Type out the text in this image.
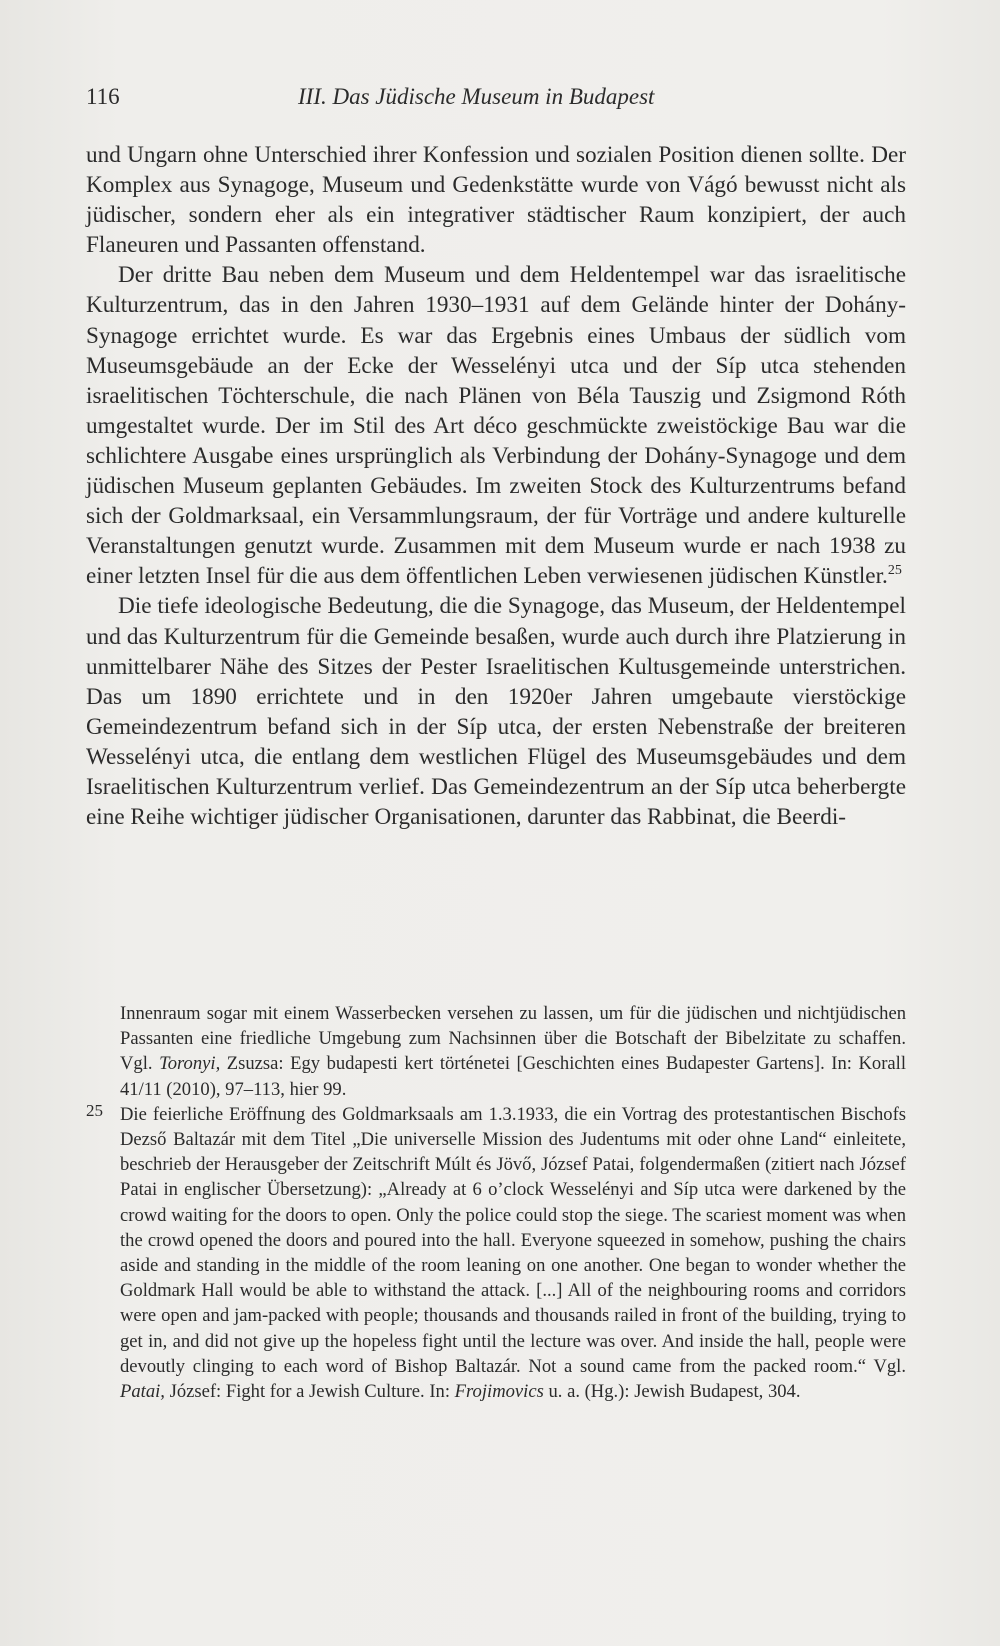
116	III. Das Jüdische Museum in Budapest

und Ungarn ohne Unterschied ihrer Konfession und sozialen Position dienen sollte. Der Komplex aus Synagoge, Museum und Gedenkstätte wurde von Vágó bewusst nicht als jüdischer, sondern eher als ein integrativer städtischer Raum konzipiert, der auch Flaneuren und Passanten offenstand.

Der dritte Bau neben dem Museum und dem Heldentempel war das israelitische Kulturzentrum, das in den Jahren 1930–1931 auf dem Gelände hinter der Dohány-Synagoge errichtet wurde. Es war das Ergebnis eines Umbaus der südlich vom Museumsgebäude an der Ecke der Wesselényi utca und der Síp utca stehenden israelitischen Töchterschule, die nach Plänen von Béla Tauszig und Zsigmond Róth umgestaltet wurde. Der im Stil des Art déco geschmückte zweistöckige Bau war die schlichtere Ausgabe eines ursprünglich als Verbindung der Dohány-Synagoge und dem jüdischen Museum geplanten Gebäudes. Im zweiten Stock des Kulturzentrums befand sich der Goldmarksaal, ein Versammlungsraum, der für Vorträge und andere kulturelle Veranstaltungen genutzt wurde. Zusammen mit dem Museum wurde er nach 1938 zu einer letzten Insel für die aus dem öffentlichen Leben verwiesenen jüdischen Künstler.$^{25}$

Die tiefe ideologische Bedeutung, die die Synagoge, das Museum, der Heldentempel und das Kulturzentrum für die Gemeinde besaßen, wurde auch durch ihre Platzierung in unmittelbarer Nähe des Sitzes der Pester Israelitischen Kultusgemeinde unterstrichen. Das um 1890 errichtete und in den 1920er Jahren umgebaute vierstöckige Gemeindezentrum befand sich in der Síp utca, der ersten Nebenstraße der breiteren Wesselényi utca, die entlang dem westlichen Flügel des Museumsgebäudes und dem Israelitischen Kulturzentrum verlief. Das Gemeindezentrum an der Síp utca beherbergte eine Reihe wichtiger jüdischer Organisationen, darunter das Rabbinat, die Beerdi-

Innenraum sogar mit einem Wasserbecken versehen zu lassen, um für die jüdischen und nichtjüdischen Passanten eine friedliche Umgebung zum Nachsinnen über die Botschaft der Bibelzitate zu schaffen. Vgl. Toronyi, Zsuzsa: Egy budapesti kert történetei [Geschichten eines Budapester Gartens]. In: Korall 41/11 (2010), 97–113, hier 99.

25 Die feierliche Eröffnung des Goldmarksaals am 1.3.1933, die ein Vortrag des protestantischen Bischofs Dezső Baltazár mit dem Titel „Die universelle Mission des Judentums mit oder ohne Land“ einleitete, beschrieb der Herausgeber der Zeitschrift Múlt és Jövő, József Patai, folgendermaßen (zitiert nach József Patai in englischer Übersetzung): „Already at 6 o’clock Wesselényi and Síp utca were darkened by the crowd waiting for the doors to open. Only the police could stop the siege. The scariest moment was when the crowd opened the doors and poured into the hall. Everyone squeezed in somehow, pushing the chairs aside and standing in the middle of the room leaning on one another. One began to wonder whether the Goldmark Hall would be able to withstand the attack. [...] All of the neighbouring rooms and corridors were open and jam-packed with people; thousands and thousands railed in front of the building, trying to get in, and did not give up the hopeless fight until the lecture was over. And inside the hall, people were devoutly clinging to each word of Bishop Baltazár. Not a sound came from the packed room.“ Vgl. Patai, József: Fight for a Jewish Culture. In: Frojimovics u. a. (Hg.): Jewish Budapest, 304.
